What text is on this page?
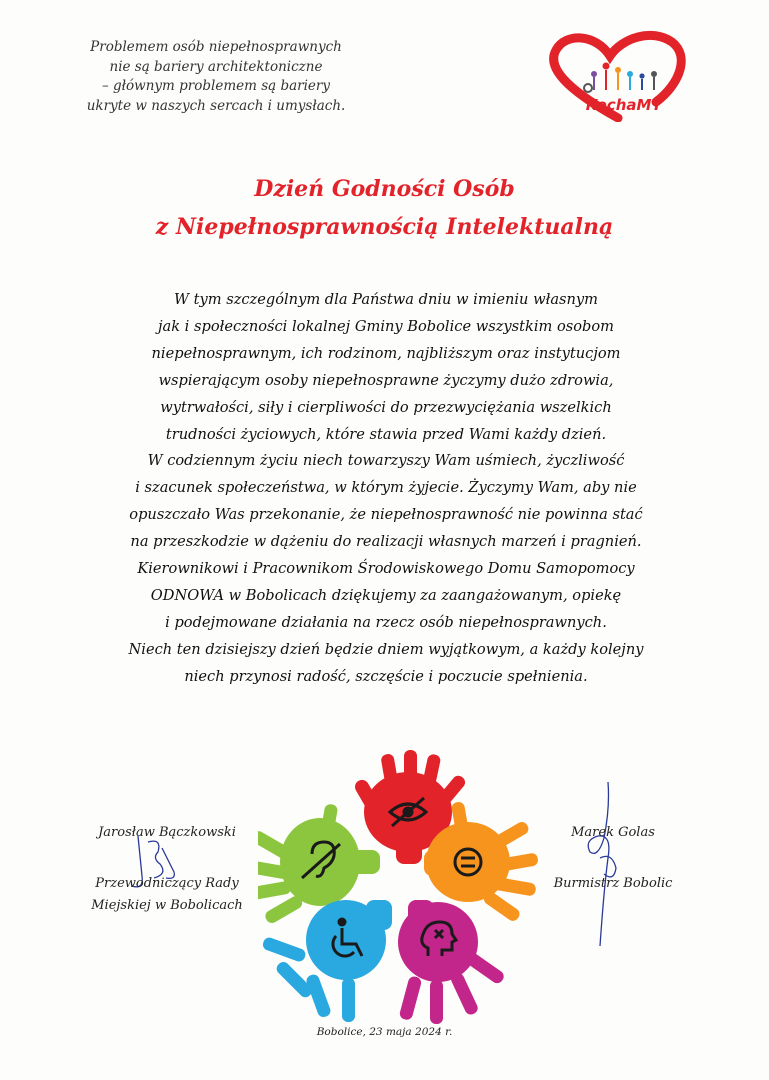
Problemem osób niepełnosprawnych
nie są bariery architektoniczne
– głównym problemem są bariery
ukryte w naszych sercach i umysłach.	KochaMY
Dzień Godności Osób
z Niepełnosprawnością Intelektualną
W tym szczególnym dla Państwa dniu w imieniu własnym
jak i społeczności lokalnej Gminy Bobolice wszystkim osobom
niepełnosprawnym, ich rodzinom, najbliższym oraz instytucjom
wspierającym osoby niepełnosprawne życzymy dużo zdrowia,
wytrwałości, siły i cierpliwości do przezwyciężania wszelkich
trudności życiowych, które stawia przed Wami każdy dzień.
W codziennym życiu niech towarzyszy Wam uśmiech, życzliwość
i szacunek społeczeństwa, w którym żyjecie. Życzymy Wam, aby nie
opuszczało Was przekonanie, że niepełnosprawność nie powinna stać
na przeszkodzie w dążeniu do realizacji własnych marzeń i pragnień.
Kierownikowi i Pracownikom Środowiskowego Domu Samopomocy
ODNOWA w Bobolicach dziękujemy za zaangażowanym, opiekę
i podejmowane działania na rzecz osób niepełnosprawnych.
Niech ten dzisiejszy dzień będzie dniem wyjątkowym, a każdy kolejny
niech przynosi radość, szczęście i poczucie spełnienia.
Jarosław Bączkowski
Przewodniczący Rady
Miejskiej w Bobolicach
Marek Golas
Burmistrz Bobolic
Bobolice, 23 maja 2024 r.
